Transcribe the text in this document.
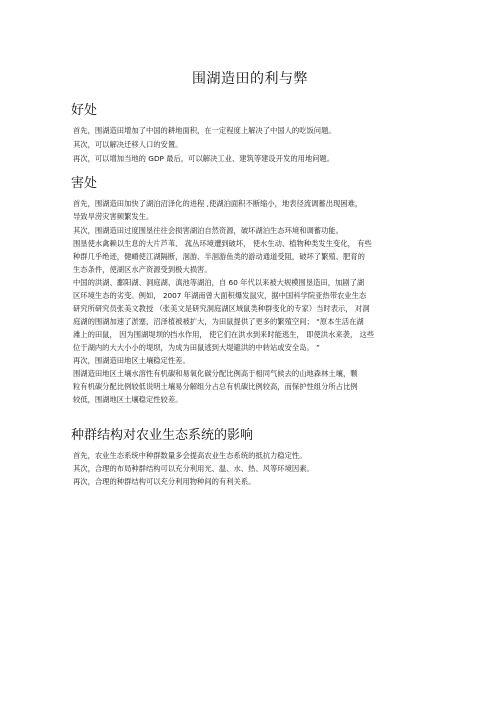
围湖造田的利与弊
好处
首先，围湖造田增加了中国的耕地面积，在一定程度上解决了中国人的吃饭问题。
其次，可以解决迁移人口的安置。
再次，可以增加当地的 GDP 最后，可以解决工业、建筑等建设开发的用地问题。
害处
首先，围湖造田加快了湖泊沼泽化的进程 ,使湖泊面积不断缩小，地表径流调蓄出现困难，
导致旱涝灾害频繁发生。
其次，围湖造田过度围垦往往会损害湖泊自然资源，破坏湖泊生态环境和调蓄功能。
围垦使水禽赖以生息的大片芦苇、 菰丛环境遭到破坏， 使水生动、植物种类发生变化， 有些
种群几乎绝迹，健嵴使江湖隔断，洄游、半洄游鱼类的游动通道受阻，破坏了繁殖、肥育的
生态条件，使湖区水产资源受到极大损害。
中国的洪湖、鄱阳湖、洞庭湖、滇池等湖泊，自 60 年代以来被大规模围垦造田，加剧了湖
区环境生态的劣变。例如， 2007 年湖南曾大面积爆发鼠灾，据中国科学院亚热带农业生态
研究所研究员张美文教授 （张美文是研究洞庭湖区域鼠类种群变化的专家）当时表示， 对洞
庭湖的围湖加速了淤塞，沼泽植被被扩大，为田鼠提供了更多的繁殖空间； “原本生活在湖
滩上的田鼠， 因为围湖堤坝的挡水作用， 使它们在洪水到来时能逃生， 即使洪水来袭， 这些
位于湖内的大大小小的堤坝，为成为田鼠逃到大堤避洪的中转站或安全岛。 ”
再次，围湖造田地区土壤稳定性差。
围湖造田地区土壤水溶性有机碳和易氧化碳分配比例高于相同气候去的山地森林土壤，颗
粒有机碳分配比例较低说明土壤易分解组分占总有机碳比例较高，而保护性组分所占比例
较低，围湖地区土壤稳定性较差。
种群结构对农业生态系统的影响
首先，农业生态系统中种群数量多会提高农业生态系统的抵抗力稳定性。
其次，合理的布局种群结构可以充分利用光、温、水、热、风等环境因素。
再次，合理的种群结构可以充分利用物种间的有利关系。
